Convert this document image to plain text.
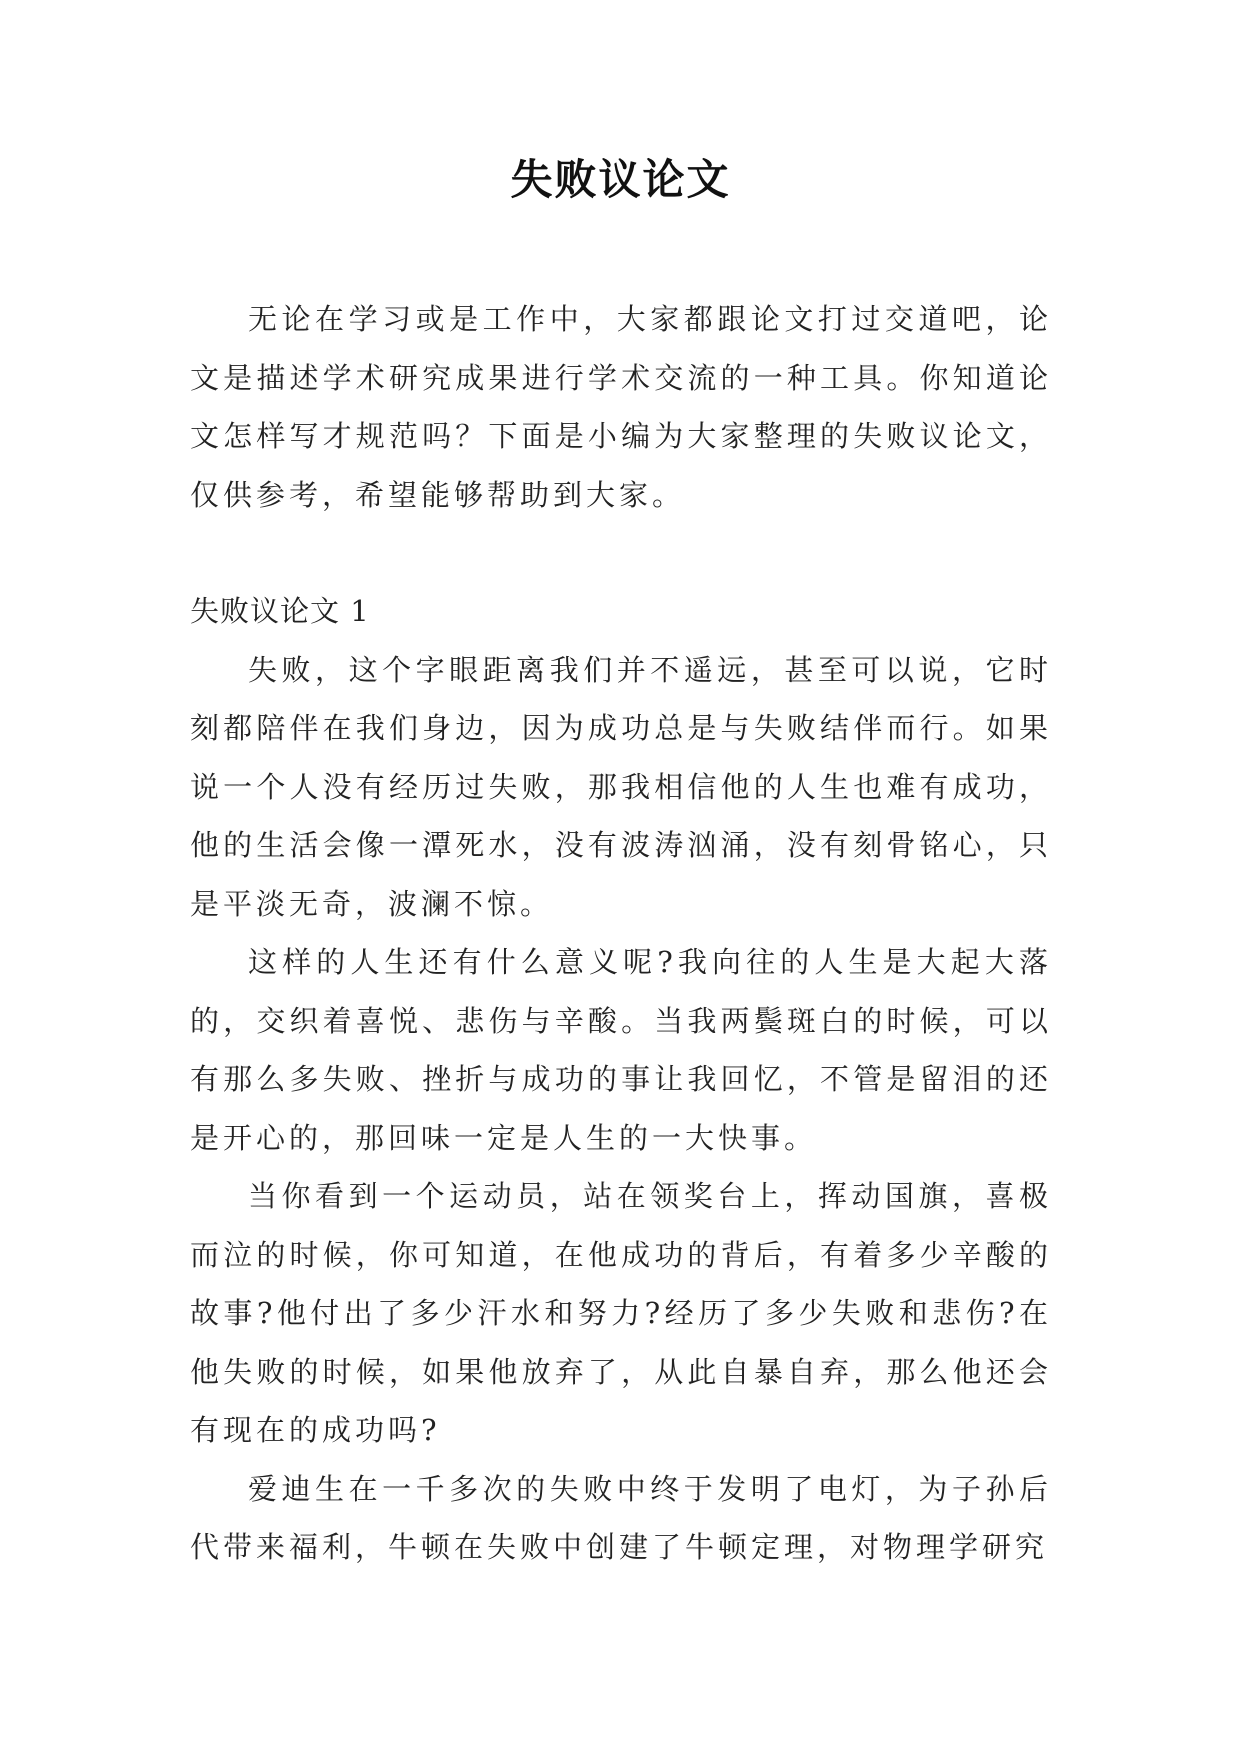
失败议论文

无论在学习或是工作中，大家都跟论文打过交道吧，论文是描述学术研究成果进行学术交流的一种工具。你知道论文怎样写才规范吗？下面是小编为大家整理的失败议论文，仅供参考，希望能够帮助到大家。

失败议论文 1

失败，这个字眼距离我们并不遥远，甚至可以说，它时刻都陪伴在我们身边，因为成功总是与失败结伴而行。如果说一个人没有经历过失败，那我相信他的人生也难有成功，他的生活会像一潭死水，没有波涛汹涌，没有刻骨铭心，只是平淡无奇，波澜不惊。

这样的人生还有什么意义呢?我向往的人生是大起大落的，交织着喜悦、悲伤与辛酸。当我两鬓斑白的时候，可以有那么多失败、挫折与成功的事让我回忆，不管是留泪的还是开心的，那回味一定是人生的一大快事。

当你看到一个运动员，站在领奖台上，挥动国旗，喜极而泣的时候，你可知道，在他成功的背后，有着多少辛酸的故事?他付出了多少汗水和努力?经历了多少失败和悲伤?在他失败的时候，如果他放弃了，从此自暴自弃，那么他还会有现在的成功吗?

爱迪生在一千多次的失败中终于发明了电灯，为子孙后代带来福利，牛顿在失败中创建了牛顿定理，对物理学研究
